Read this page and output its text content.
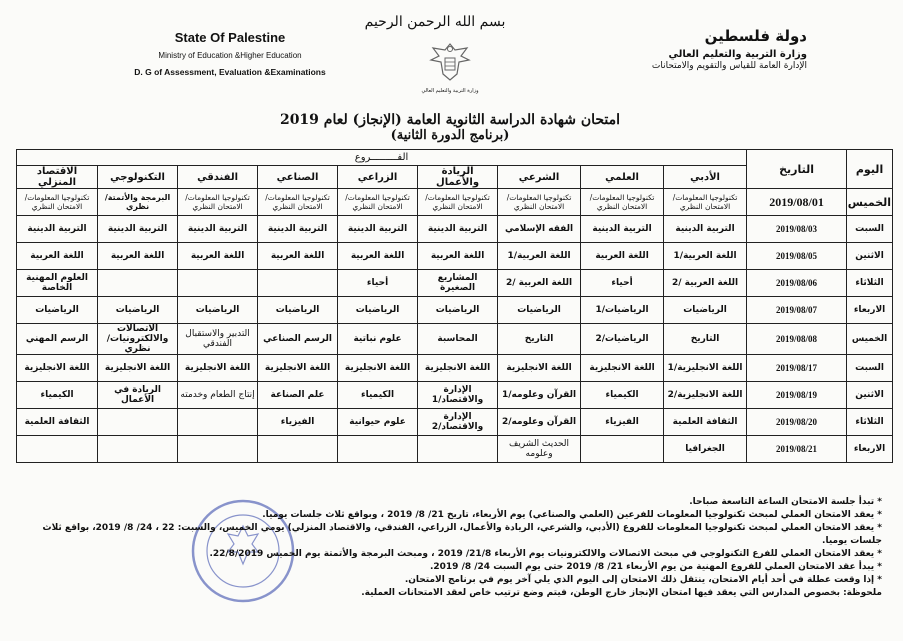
State Of Palestine
Ministry of Education &Higher Education
D. G of Assessment, Evaluation &Examinations
بسم الله الرحمن الرحيم
وزارة التربية والتعليم العالي
دولة فلسطين
وزارة التربية والتعليم العالي
الإدارة العامة للقياس والتقويم والامتحانات
امتحان شهادة الدراسة الثانوية العامة (الإنجاز) لعام 2019
(برنامج الدورة الثانية)
اليوم	التاريخ	الفـــــــــروع								
		الأدبي	العلمي	الشرعي	الريادة والأعمال	الزراعي	الصناعي	الفندقي	التكنولوجي	الاقتصاد المنزلي
الخميس	2019/08/01	تكنولوجيا المعلومات/ الامتحان النظري	تكنولوجيا المعلومات/ الامتحان النظري	تكنولوجيا المعلومات/ الامتحان النظري	تكنولوجيا المعلومات/ الامتحان النظري	تكنولوجيا المعلومات/ الامتحان النظري	تكنولوجيا المعلومات/ الامتحان النظري	تكنولوجيا المعلومات/ الامتحان النظري	البرمجة والأتمتة/نظري	تكنولوجيا المعلومات/ الامتحان النظري
السبت	2019/08/03	التربية الدينية	التربية الدينية	الفقه الإسلامي	التربية الدينية	التربية الدينية	التربية الدينية	التربية الدينية	التربية الدينية	التربية الدينية
الاثنين	2019/08/05	اللغة العربية/1	اللغة العربية	اللغة العربية/1	اللغة العربية	اللغة العربية	اللغة العربية	اللغة العربية	اللغة العربية	اللغة العربية
الثلاثاء	2019/08/06	اللغة العربية /2	أحياء	اللغة العربية /2	المشاريع الصغيرة	أحياء				العلوم المهنية الخاصة
الاربعاء	2019/08/07	الرياضيات	الرياضيات/1	الرياضيات	الرياضيات	الرياضيات	الرياضيات	الرياضيات	الرياضيات	الرياضيات
الخميس	2019/08/08	التاريخ	الرياضيات/2	التاريخ	المحاسبة	علوم نباتية	الرسم الصناعي	التدبير والاستقبال الفندقي	الاتصالات والالكترونيات/نظري	الرسم المهني
السبت	2019/08/17	اللغة الانجليزية/1	اللغة الانجليزية	اللغة الانجليزية	اللغة الانجليزية	اللغة الانجليزية	اللغة الانجليزية	اللغة الانجليزية	اللغة الانجليزية	اللغة الانجليزية
الاثنين	2019/08/19	اللغة الانجليزية/2	الكيمياء	القرآن وعلومه/1	الإدارة والاقتصاد/1	الكيمياء	علم الصناعة	إنتاج الطعام وخدمته	الريادة في الأعمال	الكيمياء
الثلاثاء	2019/08/20	الثقافة العلمية	الفيزياء	القرآن وعلومه/2	الإدارة والاقتصاد/2	علوم حيوانية	الفيزياء			الثقافة العلمية
الاربعاء	2019/08/21	الجغرافيا		الحديث الشريف وعلومه						

* تبدأ جلسة الامتحان الساعة التاسعة صباحا.

* يعقد الامتحان العملي لمبحث تكنولوجيا المعلومات للفرعين (العلمي والصناعي) يوم الأربعاء، تاريخ 21/ 8/ 2019 ، وبواقع ثلاث جلسات يوميا.

* يعقد الامتحان العملي لمبحث تكنولوجيا المعلومات للفروع (الأدبي، والشرعي، الريادة والأعمال، الزراعي، الفندقي، والاقتصاد المنزلي) يومي الخميس، والسبت: 22 ، 24/ 8/ 2019، بواقع ثلاث جلسات يوميا.

* يعقد الامتحان العملي للفرع التكنولوجي في مبحث الاتصالات والالكترونيات يوم الأربعاء 21/8/ 2019 ، ومبحث البرمجة والأتمتة يوم الخميس 22/8/2019.

* يبدأ عقد الامتحان العملي للفروع المهنية من يوم الأربعاء 21/ 8/ 2019 حتى يوم السبت 24/ 8/ 2019.

* إذا وقعت عطلة في أحد أيام الامتحان، ينتقل ذلك الامتحان إلى اليوم الذي يلي آخر يوم في برنامج الامتحان.

ملحوظة: بخصوص المدارس التي يعقد فيها امتحان الإنجاز خارج الوطن، فيتم وضع ترتيب خاص لعقد الامتحانات العملية.
